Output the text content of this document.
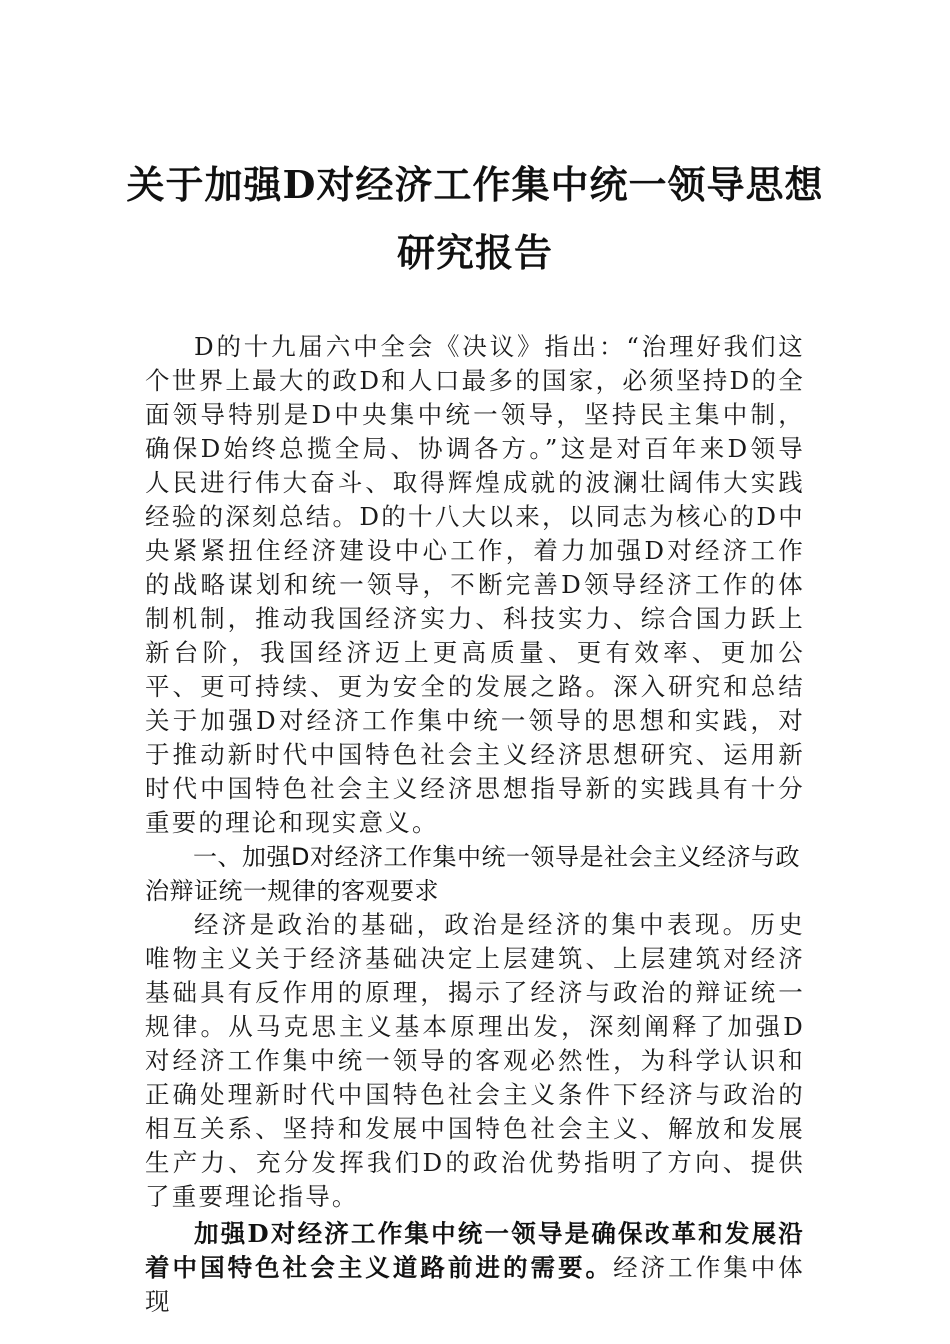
关于加强D对经济工作集中统一领导思想
研究报告

D的十九届六中全会《决议》指出：“治理好我们这个世界上最大的政D和人口最多的国家，必须坚持D的全面领导特别是D中央集中统一领导，坚持民主集中制，确保D始终总揽全局、协调各方。”这是对百年来D领导人民进行伟大奋斗、取得辉煌成就的波澜壮阔伟大实践经验的深刻总结。D的十八大以来，以同志为核心的D中央紧紧扭住经济建设中心工作，着力加强D对经济工作的战略谋划和统一领导，不断完善D领导经济工作的体制机制，推动我国经济实力、科技实力、综合国力跃上新台阶，我国经济迈上更高质量、更有效率、更加公平、更可持续、更为安全的发展之路。深入研究和总结关于加强D对经济工作集中统一领导的思想和实践，对于推动新时代中国特色社会主义经济思想研究、运用新时代中国特色社会主义经济思想指导新的实践具有十分重要的理论和现实意义。

一、加强D对经济工作集中统一领导是社会主义经济与政治辩证统一规律的客观要求

经济是政治的基础，政治是经济的集中表现。历史唯物主义关于经济基础决定上层建筑、上层建筑对经济基础具有反作用的原理，揭示了经济与政治的辩证统一规律。从马克思主义基本原理出发，深刻阐释了加强D对经济工作集中统一领导的客观必然性，为科学认识和正确处理新时代中国特色社会主义条件下经济与政治的相互关系、坚持和发展中国特色社会主义、解放和发展生产力、充分发挥我们D的政治优势指明了方向、提供了重要理论指导。

加强D对经济工作集中统一领导是确保改革和发展沿着中国特色社会主义道路前进的需要。经济工作集中体现
